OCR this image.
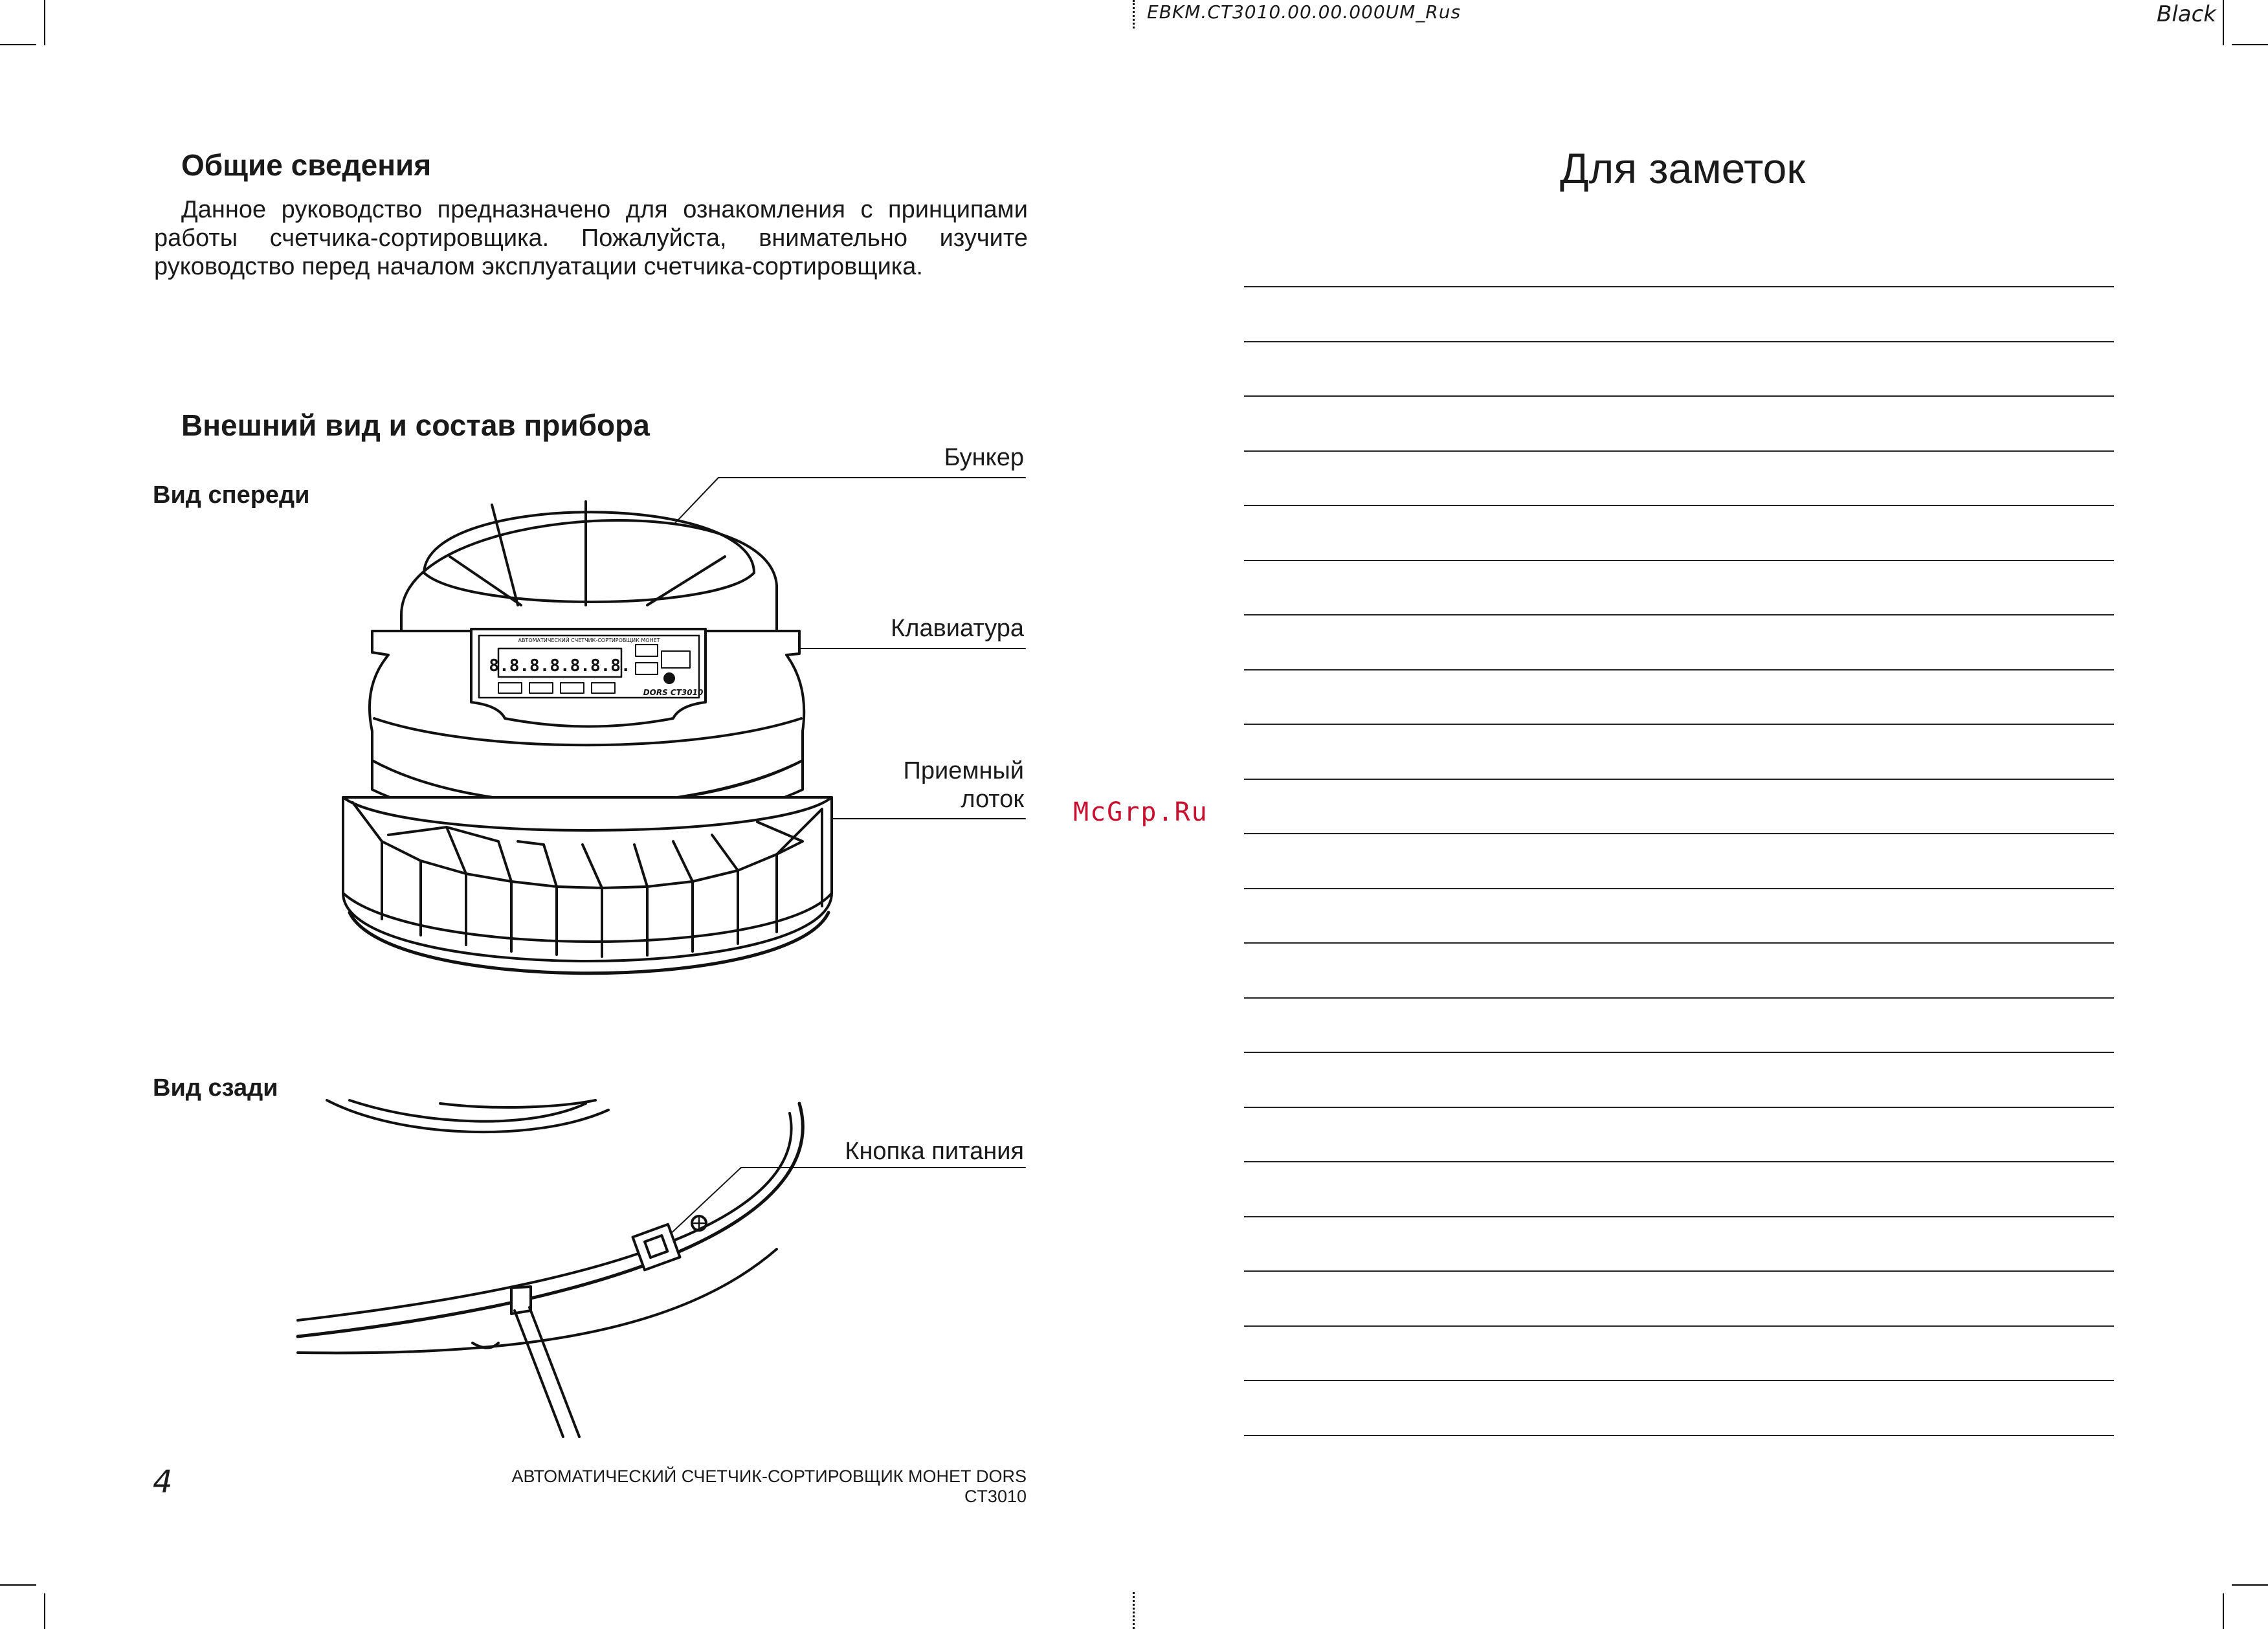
EBKM.CT3010.00.00.000UM_Rus	Black
Общие сведения
Данное руководство предназначено для ознакомления с принципами работы счетчика-сортировщика. Пожалуйста, внимательно изучите руководство перед началом эксплуатации счетчика-сортировщика.
Внешний вид и состав прибора
Вид спереди
Вид сзади
Бункер
Клавиатура
Приемный
лоток
Кнопка питания
АВТОМАТИЧЕСКИЙ СЧЕТЧИК-СОРТИРОВЩИК МОНЕТ
8.8.8.8.8.8.8.
DORS CT3010
4	АВТОМАТИЧЕСКИЙ СЧЕТЧИК-СОРТИРОВЩИК МОНЕТ DORS CT3010
Для заметок
McGrp.Ru
